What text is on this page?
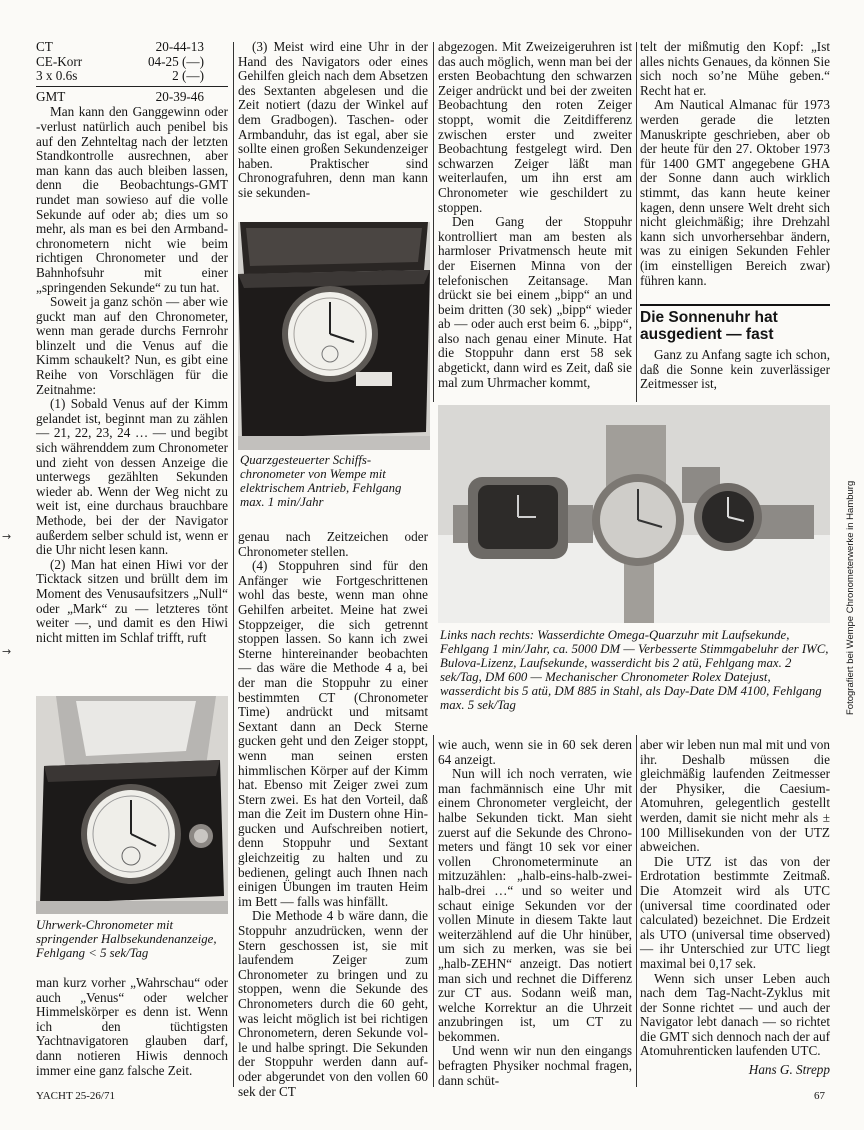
CT	20-44-13
CE-Korr	04-25 (—)
3 x 0.6s	2 (—)
GMT	20-39-46

Man kann den Ganggewinn oder -verlust natürlich auch penibel bis auf den Zehnteltag nach der letzten Standkontrolle ausrechnen, aber man kann das auch bleiben lassen, denn die Beobachtungs-GMT rundet man sowieso auf die volle Sekunde auf oder ab; dies um so mehr, als man es bei den Armbandchronometern nicht wie beim richtigen Chronometer und der Bahnhofsuhr mit einer „springenden Sekunde“ zu tun hat.

Soweit ja ganz schön — aber wie guckt man auf den Chronometer, wenn man gerade durchs Fernrohr blinzelt und die Venus auf die Kimm schaukelt? Nun, es gibt eine Reihe von Vorschlägen für die Zeitnahme:

(1) Sobald Venus auf der Kimm gelandet ist, beginnt man zu zählen — 21, 22, 23, 24 … — und begibt sich währenddem zum Chronometer und zieht von dessen Anzeige die unterwegs gezählten Sekunden wieder ab. Wenn der Weg nicht zu weit ist, eine durchaus brauchbare Methode, bei der der Navigator außerdem selber schuld ist, wenn er die Uhr nicht lesen kann.

(2) Man hat einen Hiwi vor der Ticktack sitzen und brüllt dem im Moment des Venusaufsitzers „Null“ oder „Mark“ zu — letzteres tönt weiter —, und damit es den Hiwi nicht mitten im Schlaf trifft, ruft

Uhrwerk-Chronometer mit springender Halbsekundenanzeige, Fehlgang < 5 sek/Tag

man kurz vorher „Wahrschau“ oder auch „Venus“ oder welcher Himmelskörper es denn ist. Wenn ich den tüchtigsten Yachtnavigatoren glauben darf, dann notieren Hiwis dennoch immer eine ganz falsche Zeit.

(3) Meist wird eine Uhr in der Hand des Navigators oder eines Gehilfen gleich nach dem Absetzen des Sextanten abgelesen und die Zeit notiert (dazu der Winkel auf dem Gradbogen). Taschen- oder Armbanduhr, das ist egal, aber sie sollte einen großen Sekundenzeiger haben. Praktischer sind Chronografuhren, denn man kann sie sekunden-

Quarzgesteuerter Schiffschronometer von Wempe mit elektrischem Antrieb, Fehlgang max. 1 min/Jahr

genau nach Zeitzeichen oder Chronometer stellen.

(4) Stoppuhren sind für den Anfänger wie Fortgeschrittenen wohl das beste, wenn man ohne Gehilfen arbeitet. Meine hat zwei Stoppzeiger, die sich getrennt stoppen lassen. So kann ich zwei Sterne hintereinander beobachten — das wäre die Methode 4 a, bei der man die Stoppuhr zu einer bestimmten CT (Chronometer Time) andrückt und mitsamt Sextant dann an Deck Sterne gucken geht und den Zeiger stoppt, wenn man seinen ersten himmlischen Körper auf der Kimm hat. Ebenso mit Zeiger zwei zum Stern zwei. Es hat den Vorteil, daß man die Zeit im Dustern ohne Hingucken und Aufschreiben notiert, denn Stoppuhr und Sextant gleichzeitig zu halten und zu bedienen, gelingt auch Ihnen nach einigen Übungen im trauten Heim im Bett — falls was hinfällt.

Die Methode 4 b wäre dann, die Stoppuhr anzudrücken, wenn der Stern geschossen ist, sie mit laufendem Zeiger zum Chronometer zu bringen und zu stoppen, wenn die Sekunde des Chronometers durch die 60 geht, was leicht möglich ist bei richtigen Chronometern, deren Sekunde volle und halbe springt. Die Sekunden der Stoppuhr werden dann auf- oder abgerundet von den vollen 60 sek der CT

abgezogen. Mit Zweizeigeruhren ist das auch möglich, wenn man bei der ersten Beobachtung den schwarzen Zeiger andrückt und bei der zweiten Beobachtung den roten Zeiger stoppt, womit die Zeitdifferenz zwischen erster und zweiter Beobachtung festgelegt wird. Den schwarzen Zeiger läßt man weiterlaufen, um ihn erst am Chronometer wie geschildert zu stoppen.

Den Gang der Stoppuhr kontrolliert man am besten als harmloser Privatmensch heute mit der Eisernen Minna von der telefonischen Zeitansage. Man drückt sie bei einem „bipp“ an und beim dritten (30 sek) „bipp“ wieder ab — oder auch erst beim 6. „bipp“, also nach genau einer Minute. Hat die Stoppuhr dann erst 58 sek abgetickt, dann wird es Zeit, daß sie mal zum Uhrmacher kommt,

Links nach rechts: Wasserdichte Omega-Quarzuhr mit Laufsekunde, Fehlgang 1 min/Jahr, ca. 5000 DM — Verbesserte Stimmgabeluhr der IWC, Bulova-Lizenz, Laufsekunde, wasserdicht bis 2 atü, Fehlgang max. 2 sek/Tag, DM 600 — Mechanischer Chronometer Rolex Datejust, wasserdicht bis 5 atü, DM 885 in Stahl, als Day-Date DM 4100, Fehlgang max. 5 sek/Tag	Fotografiert bei Wempe Chronometerwerke in Hamburg

wie auch, wenn sie in 60 sek deren 64 anzeigt.

Nun will ich noch verraten, wie man fachmännisch eine Uhr mit einem Chronometer vergleicht, der halbe Sekunden tickt. Man sieht zuerst auf die Sekunde des Chronometers und fängt 10 sek vor einer vollen Chronometerminute an mitzuzählen: „halb-eins-halb-zwei-halb-drei …“ und so weiter und schaut einige Sekunden vor der vollen Minute in diesem Takte laut weiterzählend auf die Uhr hinüber, um sich zu merken, was sie bei „halb-ZEHN“ anzeigt. Das notiert man sich und rechnet die Differenz zur CT aus. Sodann weiß man, welche Korrektur an die Uhrzeit anzubringen ist, um CT zu bekommen.

Und wenn wir nun den eingangs befragten Physiker nochmal fragen, dann schüt-

telt der mißmutig den Kopf: „Ist alles nichts Genaues, da können Sie sich noch so’ne Mühe geben.“ Recht hat er.

Am Nautical Almanac für 1973 werden gerade die letzten Manuskripte geschrieben, aber ob der heute für den 27. Oktober 1973 für 1400 GMT angegebene GHA der Sonne dann auch wirklich stimmt, das kann heute keiner kagen, denn unsere Welt dreht sich nicht gleichmäßig; ihre Drehzahl kann sich unvorhersehbar ändern, was zu einigen Sekunden Fehler (im einstelligen Bereich zwar) führen kann.

Die Sonnenuhr hat ausgedient — fast

Ganz zu Anfang sagte ich schon, daß die Sonne kein zuverlässiger Zeitmesser ist,

aber wir leben nun mal mit und von ihr. Deshalb müssen die gleichmäßig laufenden Zeitmesser der Physiker, die Caesium-Atomuhren, gelegentlich gestellt werden, damit sie nicht mehr als ± 100 Millisekunden von der UTZ abweichen.

Die UTZ ist das von der Erdrotation bestimmte Zeitmaß. Die Atomzeit wird als UTC (universal time coordinated oder calculated) bezeichnet. Die Erdzeit als UTO (universal time observed) — ihr Unterschied zur UTC liegt maximal bei 0,17 sek.

Wenn sich unser Leben auch nach dem Tag-Nacht-Zyklus mit der Sonne richtet — und auch der Navigator lebt danach — so richtet die GMT sich dennoch nach der auf Atomuhrenticken laufenden UTC.

Hans G. Strepp
→
→
YACHT 25-26/71	67
